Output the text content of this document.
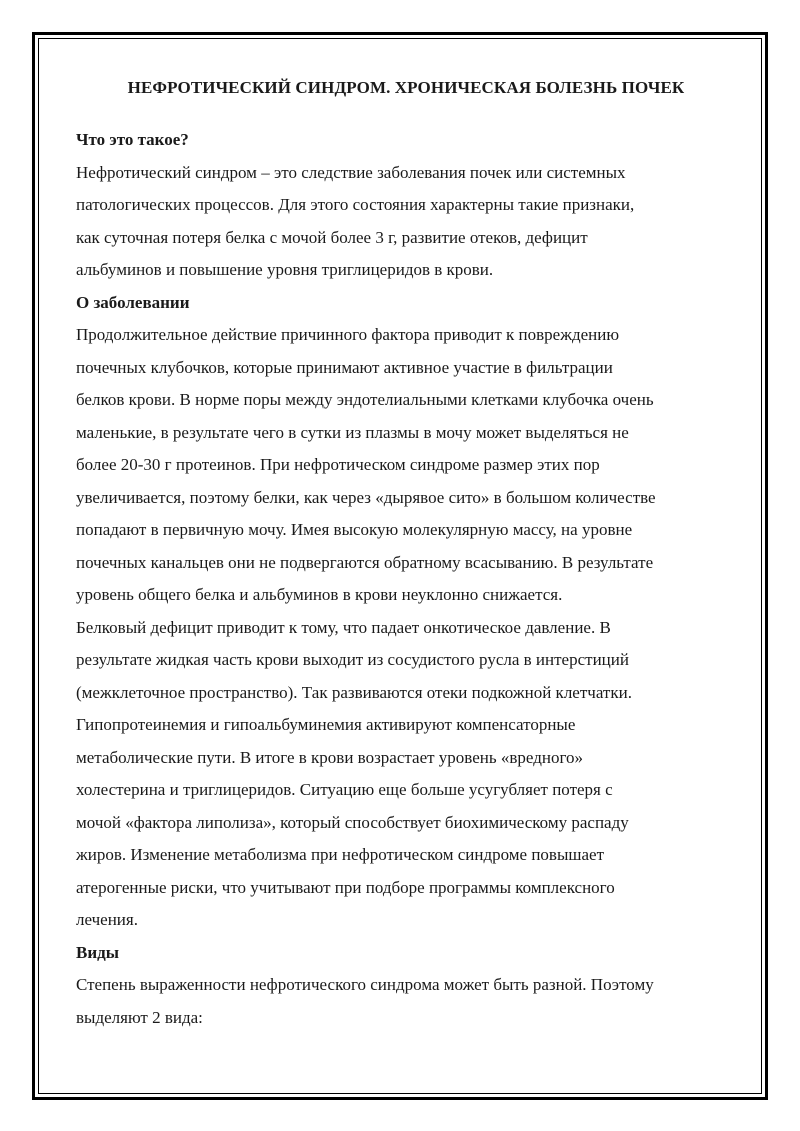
НЕФРОТИЧЕСКИЙ СИНДРОМ. ХРОНИЧЕСКАЯ БОЛЕЗНЬ ПОЧЕК
Что это такое?

Нефротический синдром – это следствие заболевания почек или системных
патологических процессов. Для этого состояния характерны такие признаки,
как суточная потеря белка с мочой более 3 г, развитие отеков, дефицит
альбуминов и повышение уровня триглицеридов в крови.

О заболевании

Продолжительное действие причинного фактора приводит к повреждению
почечных клубочков, которые принимают активное участие в фильтрации
белков крови. В норме поры между эндотелиальными клетками клубочка очень
маленькие, в результате чего в сутки из плазмы в мочу может выделяться не
более 20-30 г протеинов. При нефротическом синдроме размер этих пор
увеличивается, поэтому белки, как через «дырявое сито» в большом количестве
попадают в первичную мочу. Имея высокую молекулярную массу, на уровне
почечных канальцев они не подвергаются обратному всасыванию. В результате
уровень общего белка и альбуминов в крови неуклонно снижается.

Белковый дефицит приводит к тому, что падает онкотическое давление. В
результате жидкая часть крови выходит из сосудистого русла в интерстиций
(межклеточное пространство). Так развиваются отеки подкожной клетчатки.

Гипопротеинемия и гипоальбуминемия активируют компенсаторные
метаболические пути. В итоге в крови возрастает уровень «вредного»
холестерина и триглицеридов. Ситуацию еще больше усугубляет потеря с
мочой «фактора липолиза», который способствует биохимическому распаду
жиров. Изменение метаболизма при нефротическом синдроме повышает
атерогенные риски, что учитывают при подборе программы комплексного
лечения.

Виды

Степень выраженности нефротического синдрома может быть разной. Поэтому
выделяют 2 вида:
